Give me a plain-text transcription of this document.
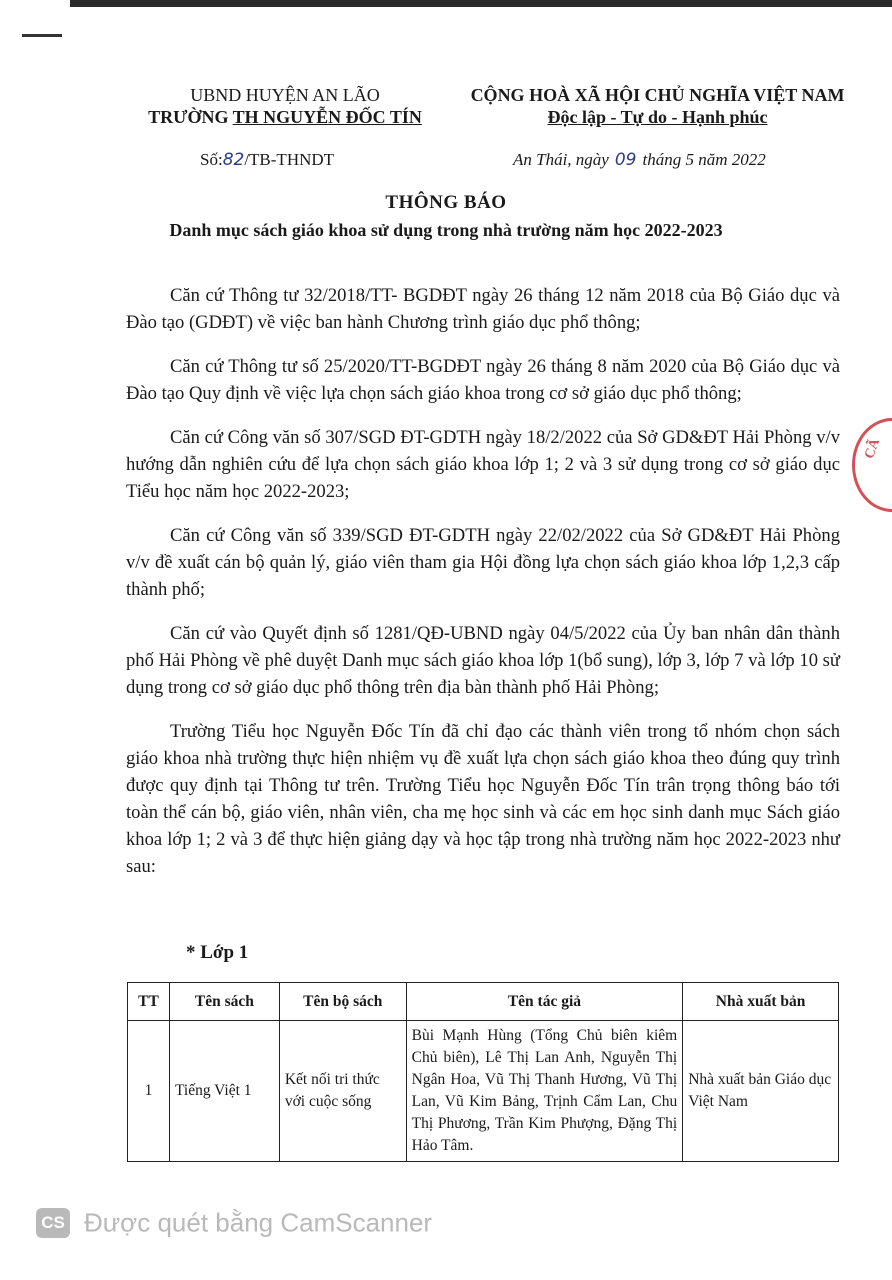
CÃ
UBND HUYỆN AN LÃO
TRƯỜNG TH NGUYỄN ĐỐC TÍN
CỘNG HOÀ XÃ HỘI CHỦ NGHĨA VIỆT NAM
Độc lập - Tự do - Hạnh phúc
Số:82/TB-THNDT	An Thái, ngày 09 tháng 5 năm 2022
THÔNG BÁO
Danh mục sách giáo khoa sử dụng trong nhà trường năm học 2022-2023

Căn cứ Thông tư 32/2018/TT- BGDĐT ngày 26 tháng 12 năm 2018 của Bộ Giáo dục và Đào tạo (GDĐT) về việc ban hành Chương trình giáo dục phổ thông;

Căn cứ Thông tư số 25/2020/TT-BGDĐT ngày 26 tháng 8 năm 2020 của Bộ Giáo dục và Đào tạo Quy định về việc lựa chọn sách giáo khoa trong cơ sở giáo dục phổ thông;

Căn cứ Công văn số 307/SGD ĐT-GDTH ngày 18/2/2022 của Sở GD&ĐT Hải Phòng v/v hướng dẫn nghiên cứu để lựa chọn sách giáo khoa lớp 1; 2 và 3 sử dụng trong cơ sở giáo dục Tiểu học năm học 2022-2023;

Căn cứ Công văn số 339/SGD ĐT-GDTH ngày 22/02/2022 của Sở GD&ĐT Hải Phòng v/v đề xuất cán bộ quản lý, giáo viên tham gia Hội đồng lựa chọn sách giáo khoa lớp 1,2,3 cấp thành phố;

Căn cứ vào Quyết định số 1281/QĐ-UBND ngày 04/5/2022 của Ủy ban nhân dân thành phố Hải Phòng về phê duyệt Danh mục sách giáo khoa lớp 1(bổ sung), lớp 3, lớp 7 và lớp 10 sử dụng trong cơ sở giáo dục phổ thông trên địa bàn thành phố Hải Phòng;

Trường Tiểu học Nguyễn Đốc Tín đã chỉ đạo các thành viên trong tổ nhóm chọn sách giáo khoa nhà trường thực hiện nhiệm vụ đề xuất lựa chọn sách giáo khoa theo đúng quy trình được quy định tại Thông tư trên. Trường Tiểu học Nguyễn Đốc Tín trân trọng thông báo tới toàn thể cán bộ, giáo viên, nhân viên, cha mẹ học sinh và các em học sinh danh mục Sách giáo khoa lớp 1; 2 và 3 để thực hiện giảng dạy và học tập trong nhà trường năm học 2022-2023 như sau:

* Lớp 1
TT	Tên sách	Tên bộ sách	Tên tác giả	Nhà xuất bản
1	Tiếng Việt 1	Kết nối tri thức với cuộc sống	Bùi Mạnh Hùng (Tổng Chủ biên kiêm Chủ biên), Lê Thị Lan Anh, Nguyễn Thị Ngân Hoa, Vũ Thị Thanh Hương, Vũ Thị Lan, Vũ Kim Bảng, Trịnh Cẩm Lan, Chu Thị Phương, Trần Kim Phượng, Đặng Thị Hảo Tâm.	Nhà xuất bản Giáo dục Việt Nam
CS Được quét bằng CamScanner
